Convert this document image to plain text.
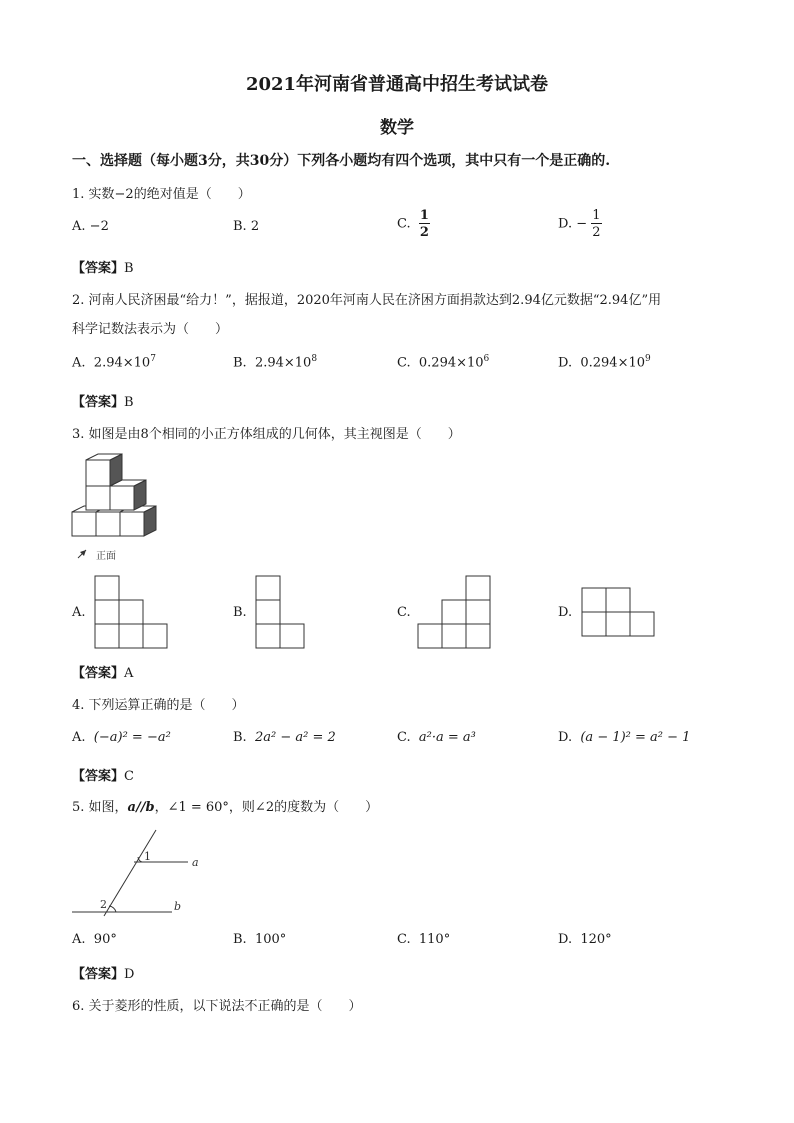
2021年河南省普通高中招生考试试卷
数学
一、选择题（每小题3分，共30分）下列各小题均有四个选项，其中只有一个是正确的.
1. 实数−2的绝对值是（　　）
A. −2	B. 2	C. $\frac{1}{2}$	D. − $\frac{1}{2}$
【答案】B
2. 河南人民济困最“给力！”，据报道，2020年河南人民在济困方面捐款达到2.94亿元数据“2.94亿”用
科学记数法表示为（　　）
A. $2.94\times 10^7$	B. $2.94\times 10^8$	C. $0.294\times 10^6$	D. $0.294\times 10^9$
【答案】B
3. 如图是由8个相同的小正方体组成的几何体，其主视图是（　　）
正面
A.	B.	C.	D.
【答案】A
4. 下列运算正确的是（　　）
A. (−a)² = −a²	B. 2a² − a² = 2	C. a²·a = a³	D. (a − 1)² = a² − 1
【答案】C
5. 如图，a//b，∠1 = 60°，则∠2的度数为（　　）
1
2
a
b
A. 90°	B. 100°	C. 110°	D. 120°
【答案】D
6. 关于菱形的性质，以下说法不正确的是（　　）
